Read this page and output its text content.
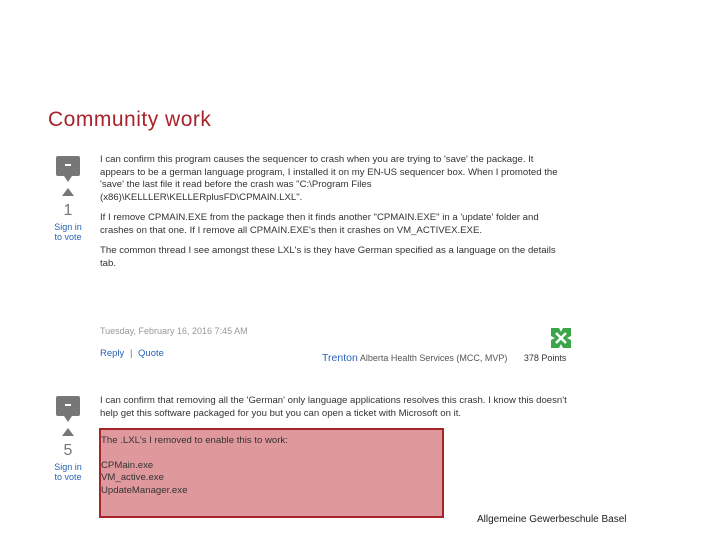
Community work
1
Sign in
to vote

I can confirm this program causes the sequencer to crash when you are trying to 'save' the package. It appears to be a german language program, I installed it on my EN-US sequencer box. When I promoted the 'save' the last file it read before the crash was "C:\Program Files (x86)\KELLLER\KELLERplusFD\CPMAIN.LXL".

If I remove CPMAIN.EXE from the package then it finds another "CPMAIN.EXE" in a 'update' folder and crashes on that one. If I remove all CPMAIN.EXE's then it crashes on VM_ACTIVEX.EXE.

The common thread I see amongst these LXL's is they have German specified as a language on the details tab.

Tuesday, February 16, 2016 7:45 AM
Reply | Quote	Trenton Alberta Health Services (MCC, MVP) 378 Points
5
Sign in
to vote

I can confirm that removing all the 'German' only language applications resolves this crash. I know this doesn't help get this software packaged for you but you can open a ticket with Microsoft on it.

The .LXL's I removed to enable this to work:
CPMain.exe
VM_active.exe
UpdateManager.exe
Allgemeine Gewerbeschule Basel
